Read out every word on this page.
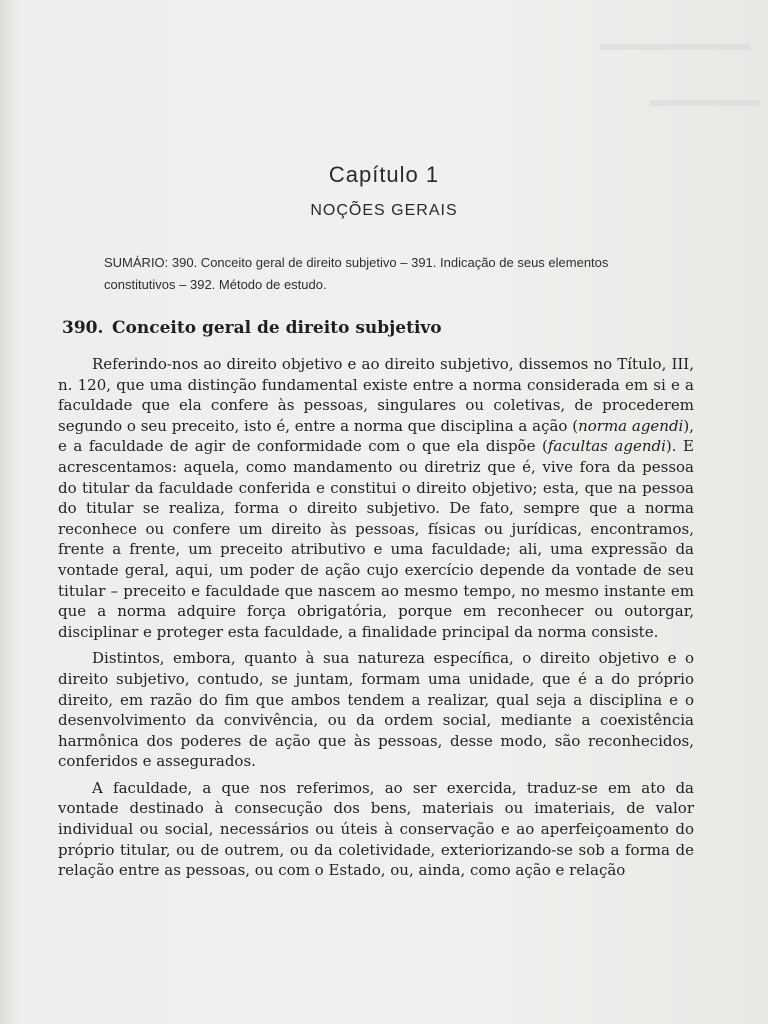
Capítulo 1
NOÇÕES GERAIS
SUMÁRIO: 390. Conceito geral de direito subjetivo – 391. Indicação de seus elementos constitutivos – 392. Método de estudo.
390. Conceito geral de direito subjetivo

Referindo-nos ao direito objetivo e ao direito subjetivo, dissemos no Título, III, n. 120, que uma distinção fundamental existe entre a norma considerada em si e a faculdade que ela confere às pessoas, singulares ou coletivas, de procederem segundo o seu preceito, isto é, entre a norma que disciplina a ação (norma agendi), e a faculdade de agir de conformidade com o que ela dispõe (facultas agendi). E acrescentamos: aquela, como mandamento ou diretriz que é, vive fora da pessoa do titular da faculdade conferida e constitui o direito objetivo; esta, que na pessoa do titular se realiza, forma o direito subjetivo. De fato, sempre que a norma reconhece ou confere um direito às pessoas, físicas ou jurídicas, encontramos, frente a frente, um preceito atributivo e uma faculdade; ali, uma expressão da vontade geral, aqui, um poder de ação cujo exercício depende da vontade de seu titular – preceito e faculdade que nascem ao mesmo tempo, no mesmo instante em que a norma adquire força obrigatória, porque em reconhecer ou outorgar, disciplinar e proteger esta faculdade, a finalidade principal da norma consiste.

Distintos, embora, quanto à sua natureza específica, o direito objetivo e o direito subjetivo, contudo, se juntam, formam uma unidade, que é a do próprio direito, em razão do fim que ambos tendem a realizar, qual seja a disciplina e o desenvolvimento da convivência, ou da ordem social, mediante a coexistência harmônica dos poderes de ação que às pessoas, desse modo, são reconhecidos, conferidos e assegurados.

A faculdade, a que nos referimos, ao ser exercida, traduz-se em ato da vontade destinado à consecução dos bens, materiais ou imateriais, de valor individual ou social, necessários ou úteis à conservação e ao aperfeiçoamento do próprio titular, ou de outrem, ou da coletividade, exteriorizando-se sob a forma de relação entre as pessoas, ou com o Estado, ou, ainda, como ação e relação
